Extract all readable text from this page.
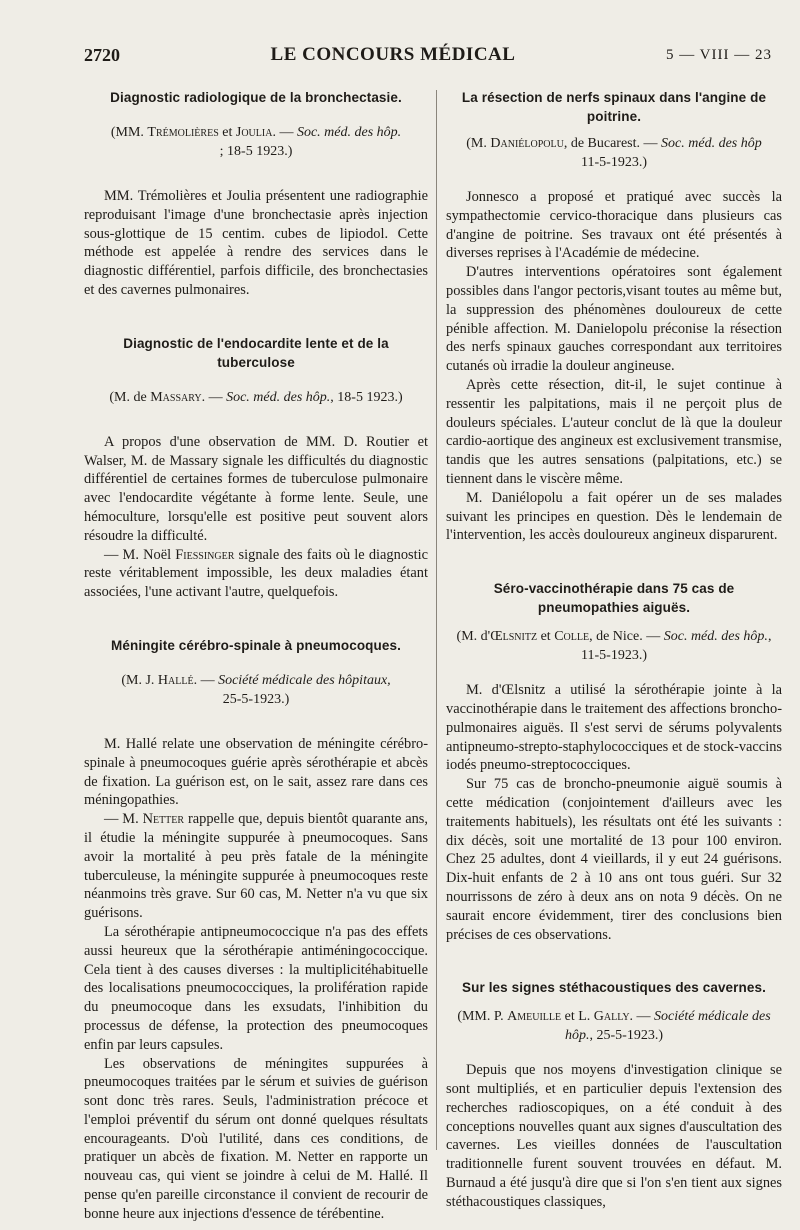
2720	LE CONCOURS MÉDICAL	5 — VIII — 23
Diagnostic radiologique de la bronchectasie.
(MM. Trémolières et Joulia. — Soc. méd. des hôp.
; 18-5 1923.)

MM. Trémolières et Joulia présentent une radiographie reproduisant l'image d'une bronchectasie après injection sous-glottique de 15 centim. cubes de lipiodol. Cette méthode est appelée à rendre des services dans le diagnostic différentiel, parfois difficile, des bronchectasies et des cavernes pulmonaires.

Diagnostic de l'endocardite lente et de la tuberculose
(M. de Massary. — Soc. méd. des hôp., 18-5 1923.)

A propos d'une observation de MM. D. Routier et Walser, M. de Massary signale les difficultés du diagnostic différentiel de certaines formes de tuberculose pulmonaire avec l'endocardite végétante à forme lente. Seule, une hémoculture, lorsqu'elle est positive peut souvent alors résoudre la difficulté.

— M. Noël Fiessinger signale des faits où le diagnostic reste véritablement impossible, les deux maladies étant associées, l'une activant l'autre, quelquefois.

Méningite cérébro-spinale à pneumocoques.
(M. J. Hallé. — Société médicale des hôpitaux,
25-5-1923.)

M. Hallé relate une observation de méningite cérébro-spinale à pneumocoques guérie après sérothérapie et abcès de fixation. La guérison est, on le sait, assez rare dans ces méningopathies.

— M. Netter rappelle que, depuis bientôt quarante ans, il étudie la méningite suppurée à pneumocoques. Sans avoir la mortalité à peu près fatale de la méningite tuberculeuse, la méningite suppurée à pneumocoques reste néanmoins très grave. Sur 60 cas, M. Netter n'a vu que six guérisons.

La sérothérapie antipneumococcique n'a pas des effets aussi heureux que la sérothérapie antiméningococcique. Cela tient à des causes diverses : la multiplicitéhabituelle des localisations pneumococciques, la prolifération rapide du pneumocoque dans les exsudats, l'inhibition du processus de défense, la protection des pneumocoques enfin par leurs capsules.

Les observations de méningites suppurées à pneumocoques traitées par le sérum et suivies de guérison sont donc très rares. Seuls, l'administration précoce et l'emploi préventif du sérum ont donné quelques résultats encourageants. D'où l'utilité, dans ces conditions, de pratiquer un abcès de fixation. M. Netter en rapporte un nouveau cas, qui vient se joindre à celui de M. Hallé. Il pense qu'en pareille circonstance il convient de recourir de bonne heure aux injections d'essence de térébentine.

La résection de nerfs spinaux dans l'angine de poitrine.
(M. Daniélopolu, de Bucarest. — Soc. méd. des hôp
11-5-1923.)

Jonnesco a proposé et pratiqué avec succès la sympathectomie cervico-thoracique dans plusieurs cas d'angine de poitrine. Ses travaux ont été présentés à diverses reprises à l'Académie de médecine.

D'autres interventions opératoires sont également possibles dans l'angor pectoris,visant toutes au même but, la suppression des phénomènes douloureux de cette pénible affection. M. Danielopolu préconise la résection des nerfs spinaux gauches correspondant aux territoires cutanés où irradie la douleur angineuse.

Après cette résection, dit-il, le sujet continue à ressentir les palpitations, mais il ne perçoit plus de douleurs spéciales. L'auteur conclut de là que la douleur cardio-aortique des angineux est exclusivement transmise, tandis que les autres sensations (palpitations, etc.) se tiennent dans le viscère même.

M. Daniélopolu a fait opérer un de ses malades suivant les principes en question. Dès le lendemain de l'intervention, les accès douloureux angineux disparurent.

Séro-vaccinothérapie dans 75 cas de pneumopathies aiguës.
(M. d'Œlsnitz et Colle, de Nice. — Soc. méd. des hôp., 11-5-1923.)

M. d'Œlsnitz a utilisé la sérothérapie jointe à la vaccinothérapie dans le traitement des affections broncho-pulmonaires aiguës. Il s'est servi de sérums polyvalents antipneumo-strepto-staphylococciques et de stock-vaccins iodés pneumo-streptococciques.

Sur 75 cas de broncho-pneumonie aiguë soumis à cette médication (conjointement d'ailleurs avec les traitements habituels), les résultats ont été les suivants : dix décès, soit une mortalité de 13 pour 100 environ. Chez 25 adultes, dont 4 vieillards, il y eut 24 guérisons. Dix-huit enfants de 2 à 10 ans ont tous guéri. Sur 32 nourrissons de zéro à deux ans on nota 9 décès. On ne saurait encore évidemment, tirer des conclusions bien précises de ces observations.

Sur les signes stéthacoustiques des cavernes.
(MM. P. Ameuille et L. Gally. — Société médicale des hôp., 25-5-1923.)

Depuis que nos moyens d'investigation clinique se sont multipliés, et en particulier depuis l'extension des recherches radioscopiques, on a été conduit à des conceptions nouvelles quant aux signes d'auscultation des cavernes. Les vieilles données de l'auscultation traditionnelle furent souvent trouvées en défaut. M. Burnaud a été jusqu'à dire que si l'on s'en tient aux signes stéthacoustiques classiques,
